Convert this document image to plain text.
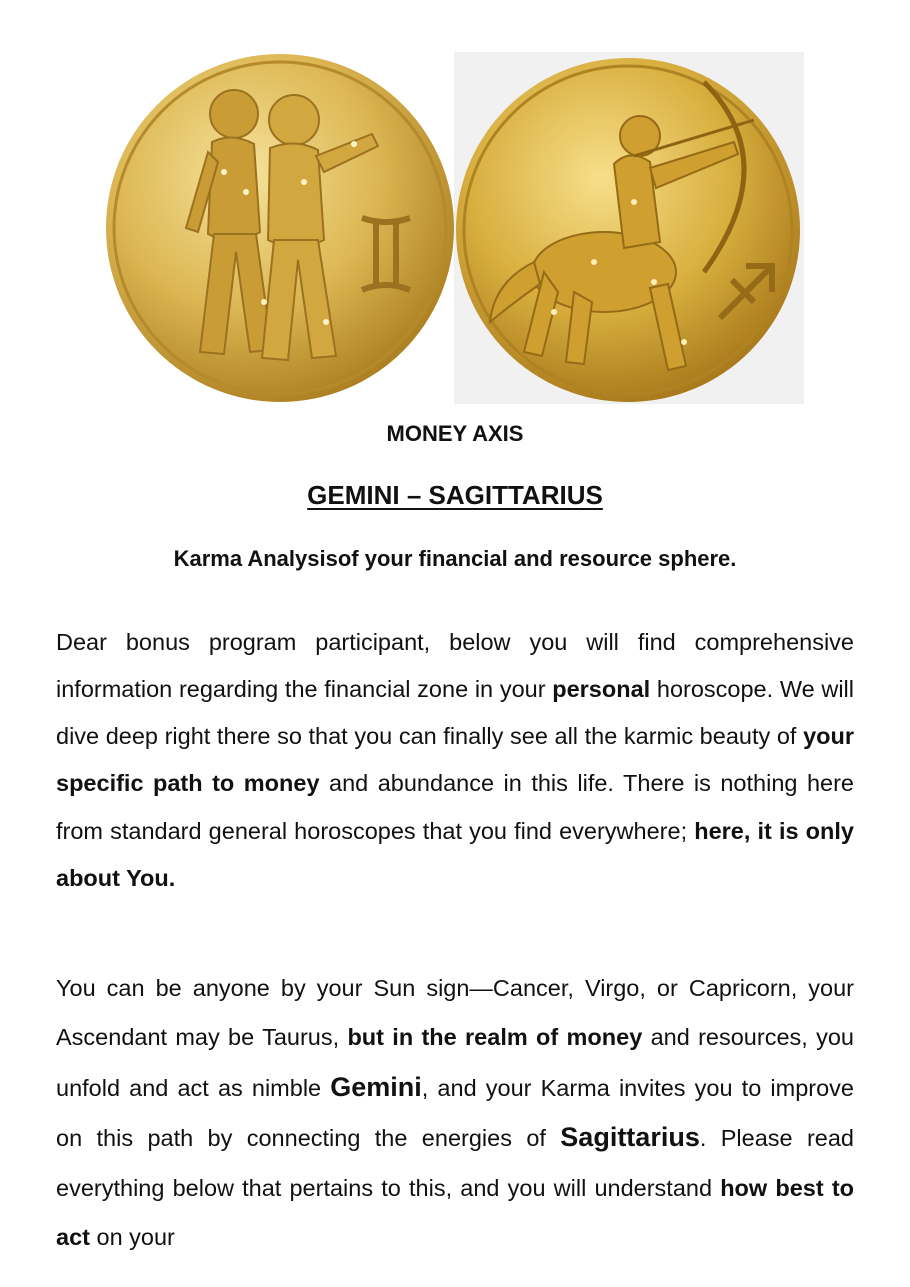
MONEY AXIS
GEMINI – SAGITTARIUS
Karma Analysisof your financial and resource sphere.

Dear bonus program participant, below you will find comprehensive information regarding the financial zone in your personal horoscope. We will dive deep right there so that you can finally see all the karmic beauty of your specific path to money and abundance in this life. There is nothing here from standard general horoscopes that you find everywhere; here, it is only about You.

You can be anyone by your Sun sign—Cancer, Virgo, or Capricorn, your Ascendant may be Taurus, but in the realm of money and resources, you unfold and act as nimble Gemini, and your Karma invites you to improve on this path by connecting the energies of Sagittarius. Please read everything below that pertains to this, and you will understand how best to act on your
